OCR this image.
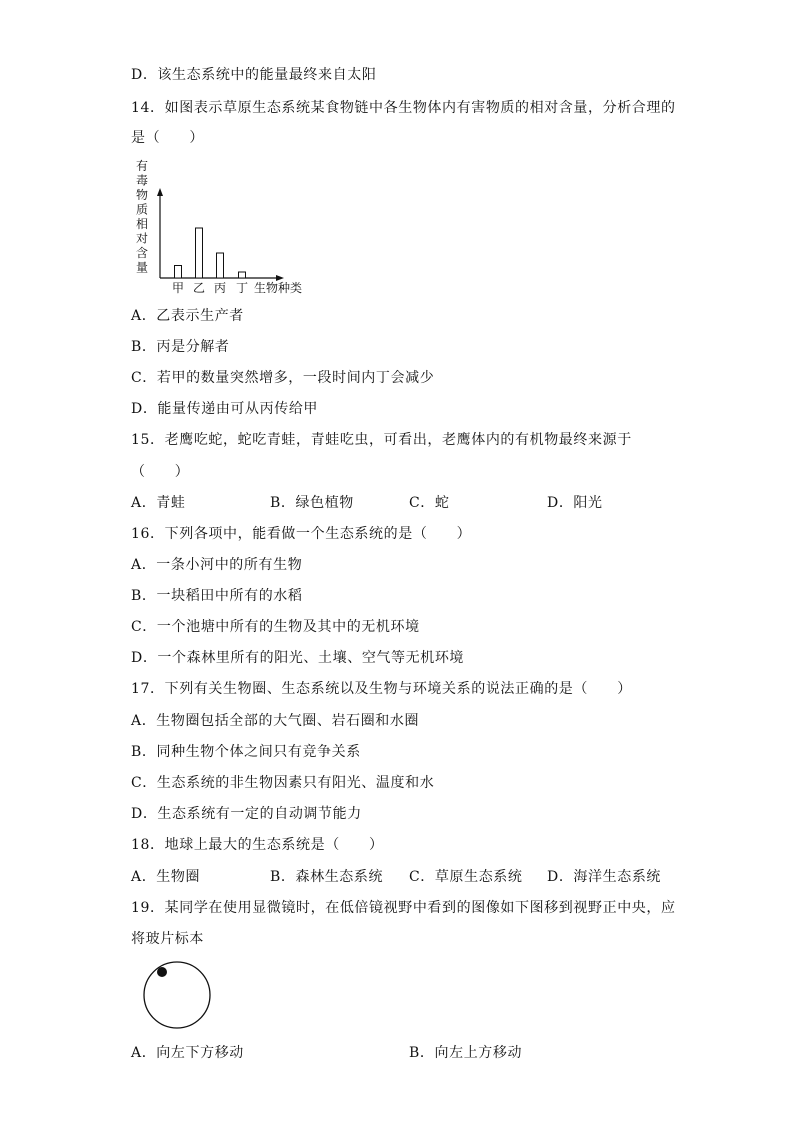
D．该生态系统中的能量最终来自太阳
14．如图表示草原生态系统某食物链中各生物体内有害物质的相对含量，分析合理的
是（　　）
有
毒
物
质
相
对
含
量
甲 乙 丙 丁 生物种类
A．乙表示生产者
B．丙是分解者
C．若甲的数量突然增多，一段时间内丁会减少
D．能量传递由可从丙传给甲
15．老鹰吃蛇，蛇吃青蛙，青蛙吃虫，可看出，老鹰体内的有机物最终来源于
（　　）
A．青蛙	B．绿色植物	C．蛇	D．阳光
16．下列各项中，能看做一个生态系统的是（　　）
A．一条小河中的所有生物
B．一块稻田中所有的水稻
C．一个池塘中所有的生物及其中的无机环境
D．一个森林里所有的阳光、土壤、空气等无机环境
17．下列有关生物圈、生态系统以及生物与环境关系的说法正确的是（　　）
A．生物圈包括全部的大气圈、岩石圈和水圈
B．同种生物个体之间只有竞争关系
C．生态系统的非生物因素只有阳光、温度和水
D．生态系统有一定的自动调节能力
18．地球上最大的生态系统是（　　）
A．生物圈	B．森林生态系统 C．草原生态系统 D．海洋生态系统
19．某同学在使用显微镜时，在低倍镜视野中看到的图像如下图移到视野正中央，应
将玻片标本
A．向左下方移动	B．向左上方移动
